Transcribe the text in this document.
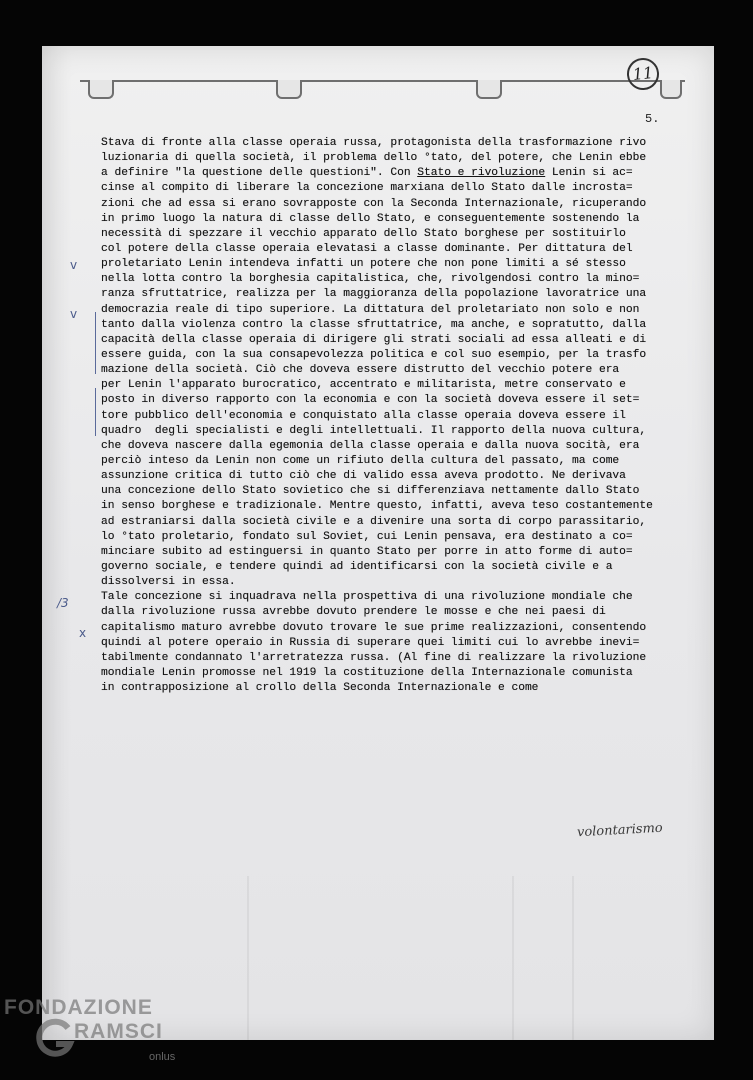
11
5.
Stava di fronte alla classe operaia russa, protagonista della trasformazione rivo
luzionaria di quella società, il problema dello °tato, del potere, che Lenin ebbe
a definire "la questione delle questioni". Con Stato e rivoluzione Lenin si ac=
cinse al compito di liberare la concezione marxiana dello Stato dalle incrosta=
zioni che ad essa si erano sovrapposte con la Seconda Internazionale, ricuperando
in primo luogo la natura di classe dello Stato, e conseguentemente sostenendo la
necessità di spezzare il vecchio apparato dello Stato borghese per sostituirlo
col potere della classe operaia elevatasi a classe dominante. Per dittatura del
proletariato Lenin intendeva infatti un potere che non pone limiti a sé stesso
nella lotta contro la borghesia capitalistica, che, rivolgendosi contro la mino=
ranza sfruttatrice, realizza per la maggioranza della popolazione lavoratrice una
democrazia reale di tipo superiore. La dittatura del proletariato non solo e non
tanto dalla violenza contro la classe sfruttatrice, ma anche, e sopratutto, dalla
capacità della classe operaia di dirigere gli strati sociali ad essa alleati e di
essere guida, con la sua consapevolezza politica e col suo esempio, per la trasfo
mazione della società. Ciò che doveva essere distrutto del vecchio potere era
per Lenin l'apparato burocratico, accentrato e militarista, metre conservato e
posto in diverso rapporto con la economia e con la società doveva essere il set=
tore pubblico dell'economia e conquistato alla classe operaia doveva essere il
quadro  degli specialisti e degli intellettuali. Il rapporto della nuova cultura,
che doveva nascere dalla egemonia della classe operaia e dalla nuova socità, era
perciò inteso da Lenin non come un rifiuto della cultura del passato, ma come
assunzione critica di tutto ciò che di valido essa aveva prodotto. Ne derivava
una concezione dello Stato sovietico che si differenziava nettamente dallo Stato
in senso borghese e tradizionale. Mentre questo, infatti, aveva teso costantemente
ad estraniarsi dalla società civile e a divenire una sorta di corpo parassitario,
lo °tato proletario, fondato sul Soviet, cui Lenin pensava, era destinato a co=
minciare subito ad estinguersi in quanto Stato per porre in atto forme di auto=
governo sociale, e tendere quindi ad identificarsi con la società civile e a
dissolversi in essa.
Tale concezione si inquadrava nella prospettiva di una rivoluzione mondiale che
dalla rivoluzione russa avrebbe dovuto prendere le mosse e che nei paesi di
capitalismo maturo avrebbe dovuto trovare le sue prime realizzazioni, consentendo
quindi al potere operaio in Russia di superare quei limiti cui lo avrebbe inevi=
tabilmente condannato l'arretratezza russa. (Al fine di realizzare la rivoluzione
mondiale Lenin promosse nel 1919 la costituzione della Internazionale comunista
in contrapposizione al crollo della Seconda Internazionale e come
v
v
/3
x
volontarismo
FONDAZIONE
RAMSCI
onlus
